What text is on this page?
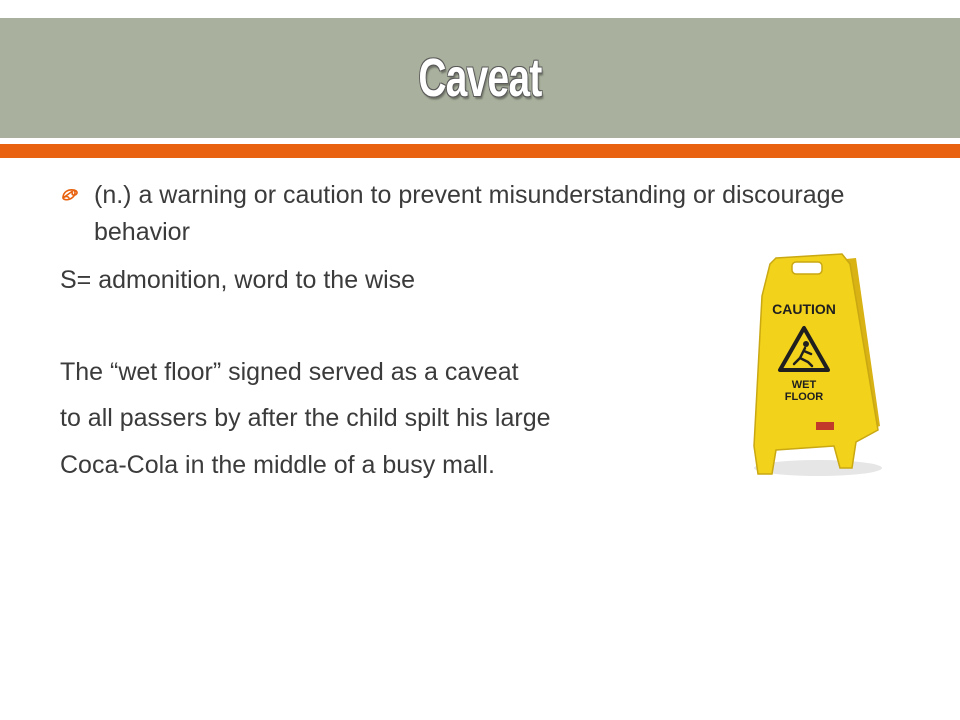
Caveat
(n.) a warning or caution to prevent misunderstanding or discourage behavior
S= admonition, word to the wise
The “wet floor” signed served as a caveat
to all passers by after the child spilt his large
Coca-Cola in the middle of a busy mall.
CAUTION
WET
FLOOR
